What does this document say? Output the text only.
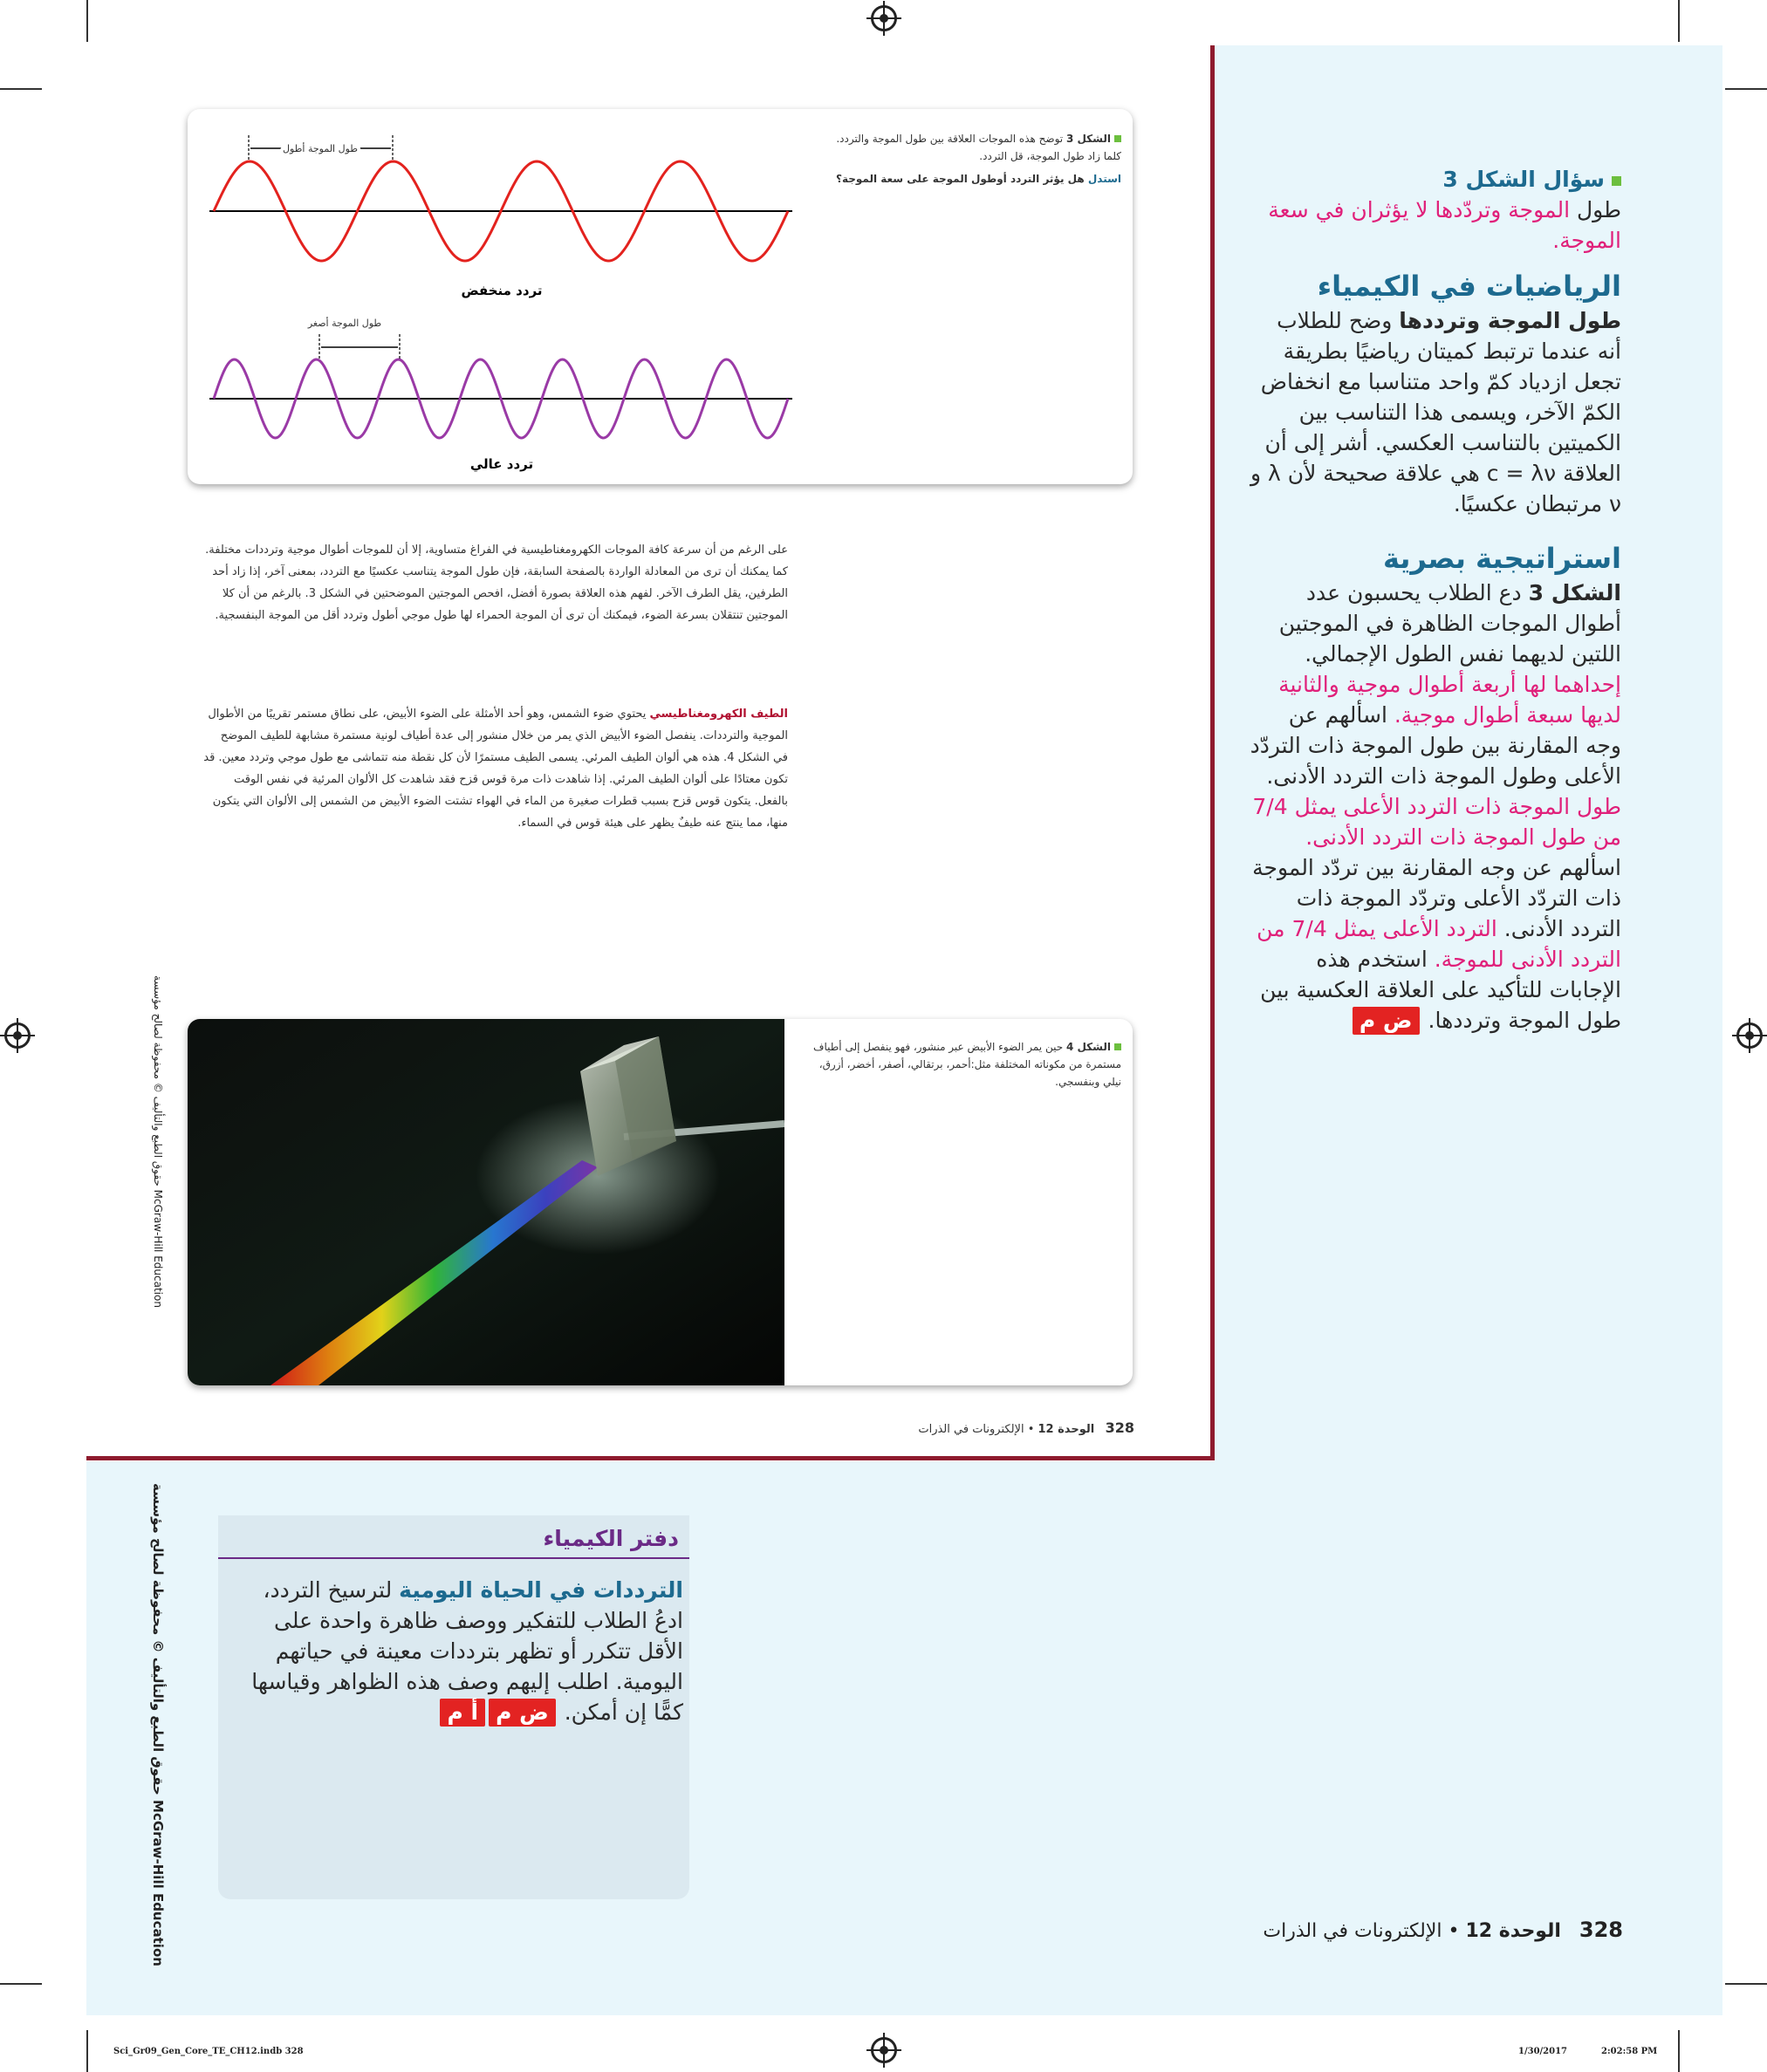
سؤال الشكل 3
طول الموجة وتردّدها لا يؤثران في سعة الموجة.
الرياضيات في الكيمياء
طول الموجة وترددها وضح للطلاب أنه عندما ترتبط كميتان رياضيًا بطريقة تجعل ازدياد كمّ واحد متناسبا مع انخفاض الكمّ الآخر، ويسمى هذا التناسب بين الكميتين بالتناسب العكسي. أشر إلى أن العلاقة c = λν هي علاقة صحيحة لأن λ و ν مرتبطان عكسيًا.
استراتيجية بصرية
الشكل 3 دع الطلاب يحسبون عدد أطوال الموجات الظاهرة في الموجتين اللتين لديهما نفس الطول الإجمالي. إحداهما لها أربعة أطوال موجية والثانية لديها سبعة أطوال موجية. اسألهم عن وجه المقارنة بين طول الموجة ذات التردّد الأعلى وطول الموجة ذات التردد الأدنى. طول الموجة ذات التردد الأعلى يمثل 7/4 من طول الموجة ذات التردد الأدنى. اسألهم عن وجه المقارنة بين تردّد الموجة ذات التردّد الأعلى وتردّد الموجة ذات التردد الأدنى. التردد الأعلى يمثل 7/4 من التردد الأدنى للموجة. استخدم هذه الإجابات للتأكيد على العلاقة العكسية بين طول الموجة وترددها. ض م
طول الموجة أطول
تردد منخفض
طول الموجة أصغر
تردد عالي
الشكل 3 توضح هذه الموجات العلاقة بين طول الموجة والتردد. كلما زاد طول الموجة، قل التردد.
استدل هل يؤثر التردد أوطول الموجة على سعة الموجة؟
على الرغم من أن سرعة كافة الموجات الكهرومغناطيسية في الفراغ متساوية، إلا أن للموجات أطوال موجية وترددات مختلفة. كما يمكنك أن ترى من المعادلة الواردة بالصفحة السابقة، فإن طول الموجة يتناسب عكسيًا مع التردد، بمعنى آخر، إذا زاد أحد الطرفين، يقل الطرف الآخر. لفهم هذه العلاقة بصورة أفضل، افحص الموجتين الموضحتين في الشكل 3. بالرغم من أن كلا الموجتين تنتقلان بسرعة الضوء، فيمكنك أن ترى أن الموجة الحمراء لها طول موجي أطول وتردد أقل من الموجة البنفسجية.
الطيف الكهرومغناطيسي يحتوي ضوء الشمس، وهو أحد الأمثلة على الضوء الأبيض، على نطاق مستمر تقريبًا من الأطوال الموجية والترددات. ينفصل الضوء الأبيض الذي يمر من خلال منشور إلى عدة أطياف لونية مستمرة مشابهة للطيف الموضح في الشكل 4. هذه هي ألوان الطيف المرئي. يسمى الطيف مستمرًا لأن كل نقطة منه تتماشى مع طول موجي وتردد معين. قد تكون معتادًا على ألوان الطيف المرئي. إذا شاهدت ذات مرة قوس قزح فقد شاهدت كل الألوان المرئية في نفس الوقت بالفعل. يتكون قوس قزح بسبب قطرات صغيرة من الماء في الهواء تشتت الضوء الأبيض من الشمس إلى الألوان التي يتكون منها، مما ينتج عنه طيفٌ يظهر على هيئة قوس في السماء.
الشكل 4 حين يمر الضوء الأبيض عبر منشور، فهو ينفصل إلى أطياف مستمرة من مكوناته المختلفة مثل:أحمر، برتقالي، أصفر، أخضر، أزرق، نيلي وبنفسجي.
328   الوحدة 12 • الإلكترونات في الذرات
حقوق الطبع والتأليف © محفوظة لصالح مؤسسة McGraw-Hill Education
حقوق الطبع والتأليف © محفوظة لصالح مؤسسة McGraw-Hill Education
دفتر الكيمياء
الترددات في الحياة اليومية لترسيخ التردد، ادعُ الطلاب للتفكير ووصف ظاهرة واحدة على الأقل تتكرر أو تظهر بترددات معينة في حياتهم اليومية. اطلب إليهم وصف هذه الظواهر وقياسها كمًّا إن أمكن. ض مأ م
328   الوحدة 12 • الإلكترونات في الذرات
Sci_Gr09_Gen_Core_TE_CH12.indb 328	1/30/2017	2:02:58 PM
